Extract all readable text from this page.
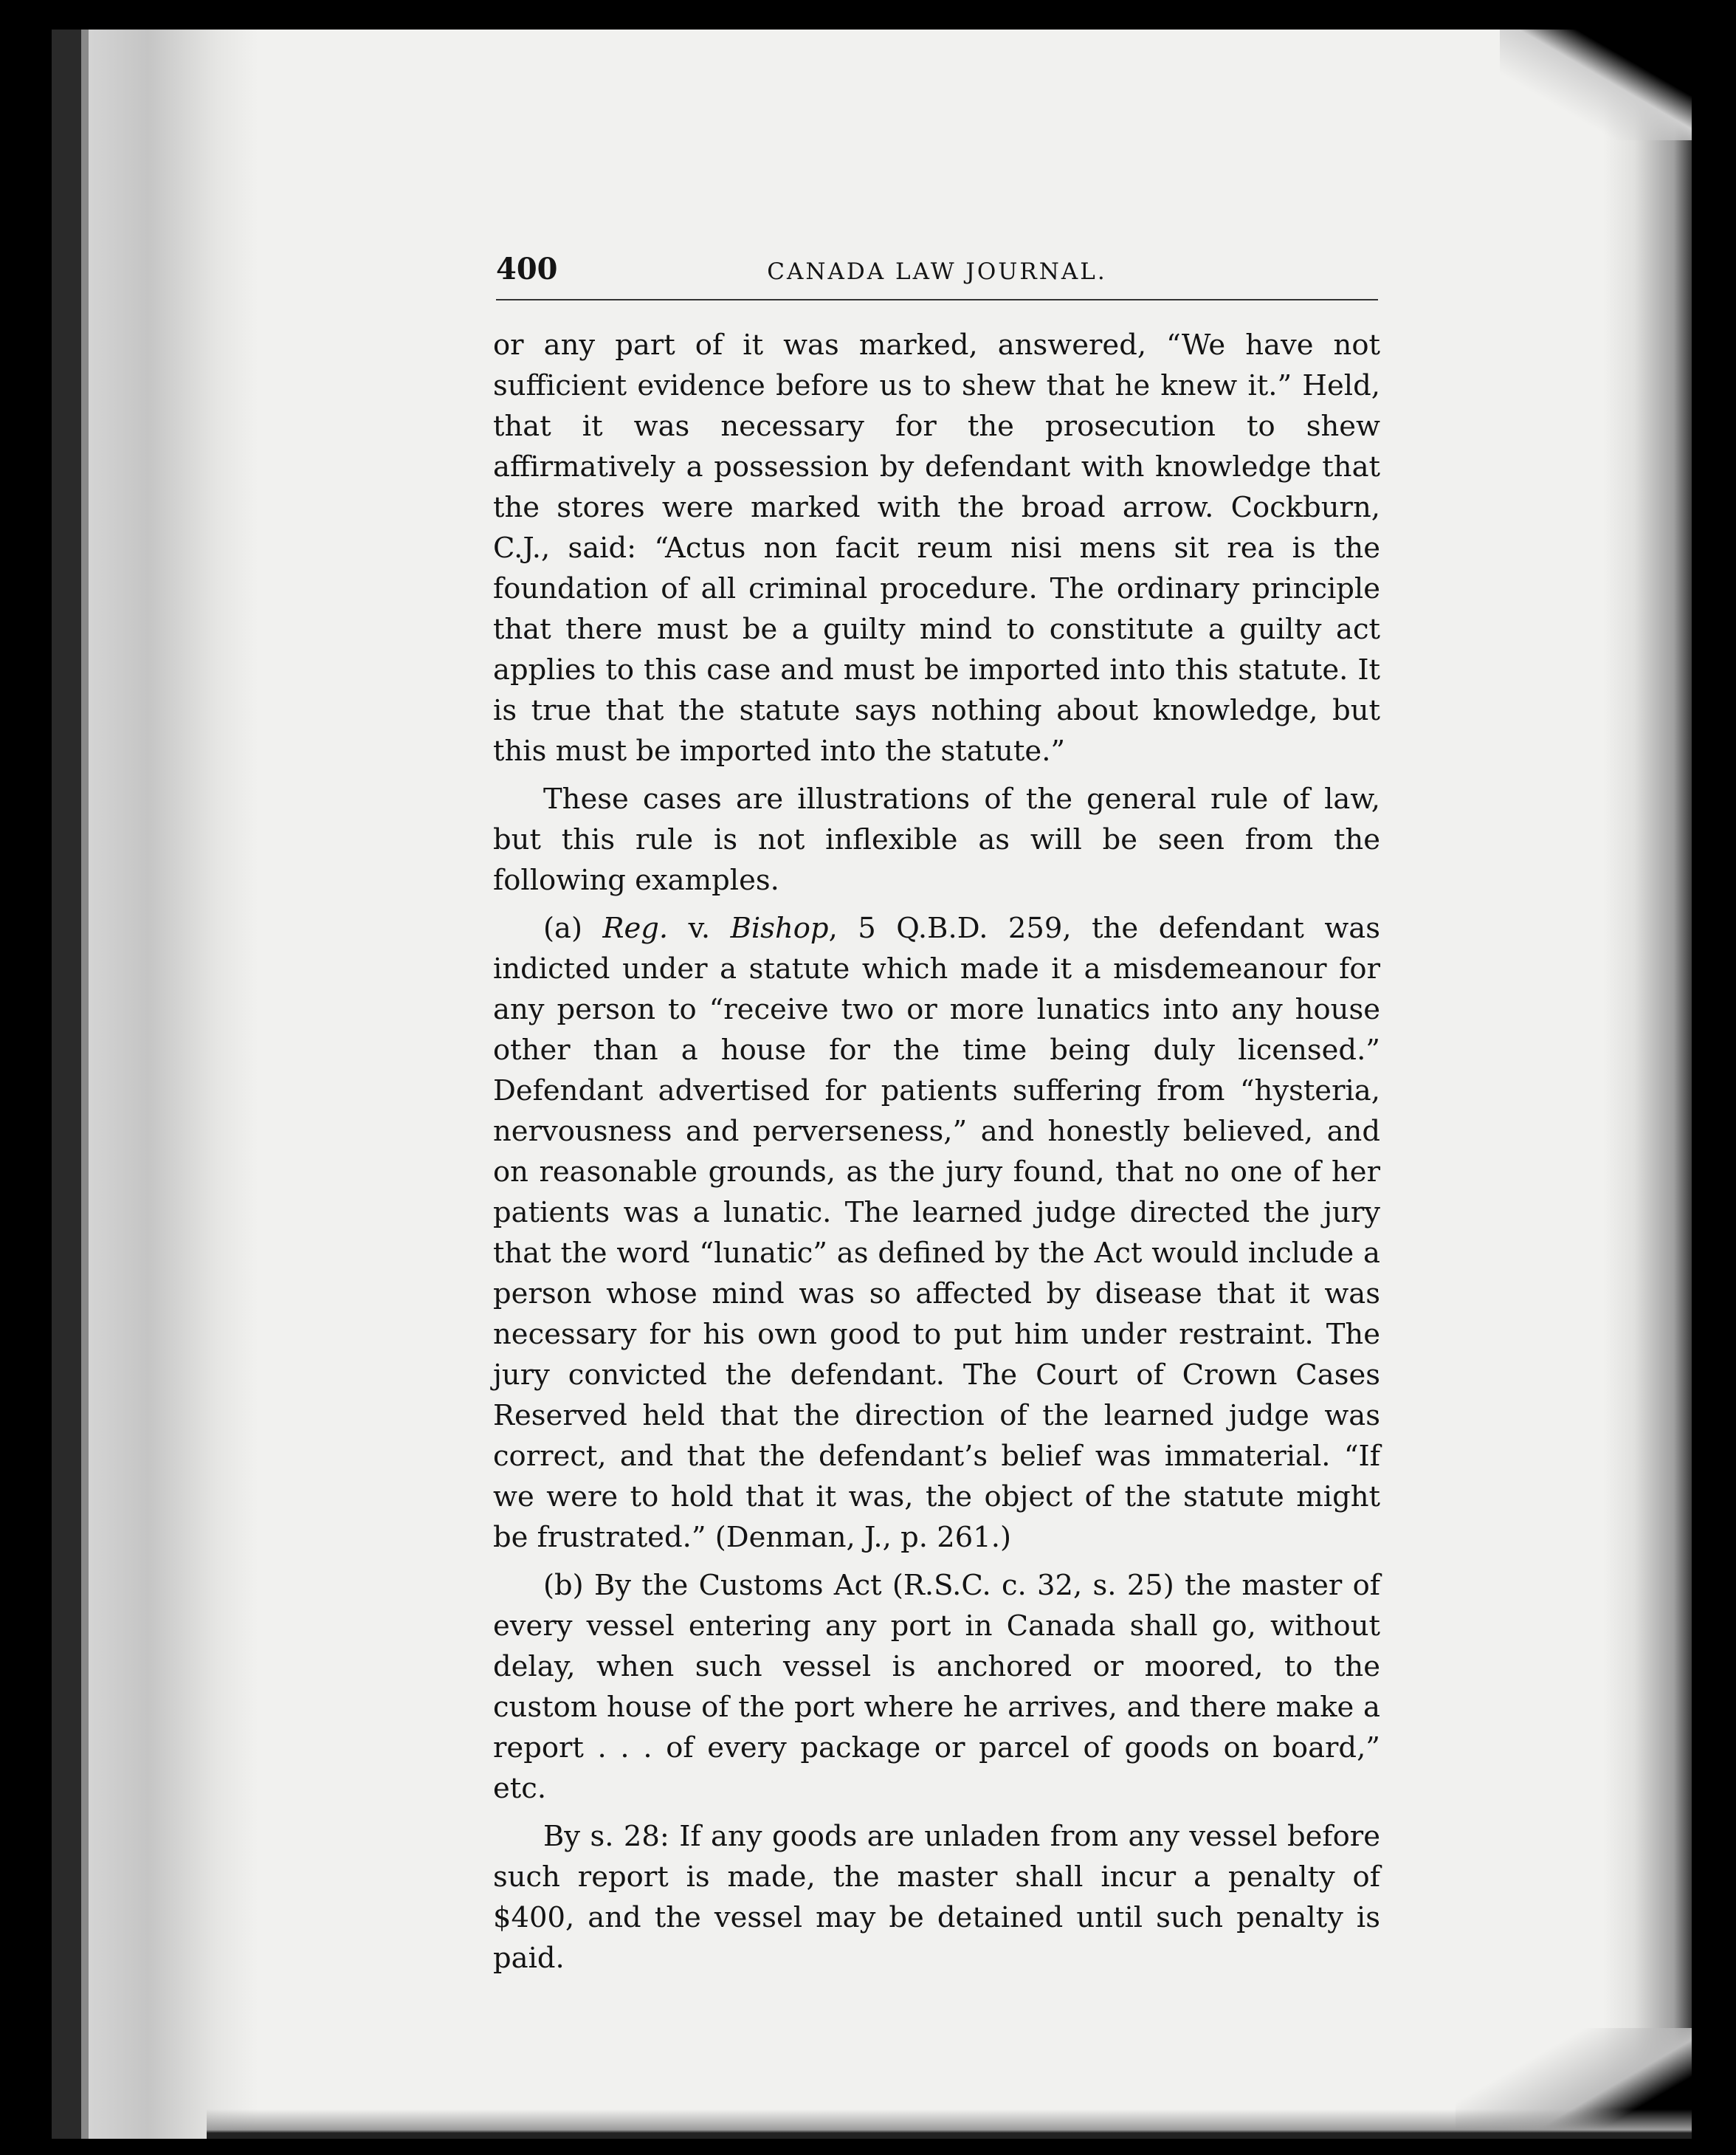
400	CANADA LAW JOURNAL.

or any part of it was marked, answered, “We have not sufficient evidence before us to shew that he knew it.” Held, that it was necessary for the prosecution to shew affirmatively a possession by defendant with knowledge that the stores were marked with the broad arrow. Cockburn, C.J., said: “Actus non facit reum nisi mens sit rea is the foundation of all criminal procedure. The ordinary principle that there must be a guilty mind to constitute a guilty act applies to this case and must be imported into this statute. It is true that the statute says nothing about knowledge, but this must be imported into the statute.”

These cases are illustrations of the general rule of law, but this rule is not inflexible as will be seen from the following examples.

(a) Reg. v. Bishop, 5 Q.B.D. 259, the defendant was indicted under a statute which made it a misdemeanour for any person to “receive two or more lunatics into any house other than a house for the time being duly licensed.” Defendant advertised for patients suffering from “hysteria, nervousness and perverseness,” and honestly believed, and on reasonable grounds, as the jury found, that no one of her patients was a lunatic. The learned judge directed the jury that the word “lunatic” as defined by the Act would include a person whose mind was so affected by disease that it was necessary for his own good to put him under restraint. The jury convicted the defendant. The Court of Crown Cases Reserved held that the direction of the learned judge was correct, and that the defendant’s belief was immaterial. “If we were to hold that it was, the object of the statute might be frustrated.” (Denman, J., p. 261.)

(b) By the Customs Act (R.S.C. c. 32, s. 25) the master of every vessel entering any port in Canada shall go, without delay, when such vessel is anchored or moored, to the custom house of the port where he arrives, and there make a report . . . of every package or parcel of goods on board,” etc.

By s. 28: If any goods are unladen from any vessel before such report is made, the master shall incur a penalty of $400, and the vessel may be detained until such penalty is paid.
